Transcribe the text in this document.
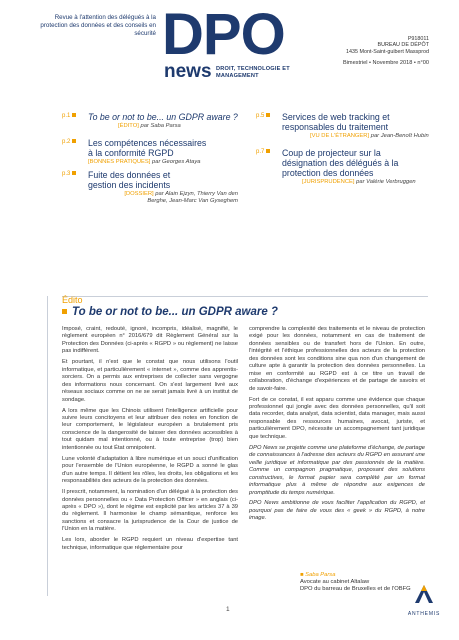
Revue à l'attention des délégués à la protection des données et des conseils en sécurité DPO
news DROIT, TECHNOLOGIE ET MANAGEMENT
P918011
BUREAU DE DÉPÔT
1435 Mont-Saint-guibert Massprod
Bimestriel • Novembre 2018 • n°00
p.1	To be or not to be... un GDPR aware ?
[ÉDITO] par Saba Parsa
p.2	Les compétences nécessaires à la conformité RGPD
[BONNES PRATIQUES] par Georges Ataya
p.3	Fuite des données et gestion des incidents
[DOSSIER] par Alain Ejzyn, Thierry Van den Berghe, Jean-Marc Van Gyseghem
p.5	Services de web tracking et responsables du traitement
[VU DE L'ÉTRANGER] par Jean-Benoît Hubin
p.7	Coup de projecteur sur la désignation des délégués à la protection des données
[JURISPRUDENCE] par Valérie Verbruggen
Édito
To be or not to be... un GDPR aware ?

Imposé, craint, redouté, ignoré, incompris, idéalisé, magnifié, le règlement européen n° 2016/679 dit Règlement Général sur la Protection des Données (ci-après « RGPD » ou règlement) ne laisse pas indifférent.

Et pourtant, il n'est que le constat que nous utilisons l'outil informatique, et particulièrement « internet », comme des apprentis-sorciers. On a permis aux entreprises de collecter sans vergogne des informations nous concernant. On s'est largement livré aux réseaux sociaux comme on ne se serait jamais livré à un institut de sondage.

A lors même que les Chinois utilisent l'intelligence artificielle pour suivre leurs concitoyens et leur attribuer des notes en fonction de leur comportement, le législateur européen a brutalement pris conscience de la dangerosité de laisser des données accessibles à tout quidam mal intentionné, ou à toute entreprise (trop) bien intentionnée ou tout État omnipotent.

Lune volonté d'adaptation à libre numérique et un souci d'unification pour l'ensemble de l'Union européenne, le RGPD a sonné le glas d'un autre temps. Il détient les rôles, les droits, les obligations et les responsabilités des acteurs de la protection des données.

Il prescrit, notamment, la nomination d'un délégué à la protection des données personnelles ou « Data Protection Officer » en anglais (ci-après « DPO »), dont le régime est explicité par les articles 37 à 39 du règlement. Il harmonise le champ sémantique, renforce les sanctions et consacre la jurisprudence de la Cour de justice de l'Union en la matière.

Les lors, aborder le RGPD requiert un niveau d'expertise tant technique, informatique que réglementaire pour

comprendre la complexité des traitements et le niveau de protection exigé pour les données, notamment en cas de traitement de données sensibles ou de transfert hors de l'Union. En outre, l'intégrité et l'éthique professionnelles des acteurs de la protection des données sont les conditions sine qua non d'un changement de culture apte à garantir la protection des données personnelles. La mise en conformité au RGPD est à ce titre un travail de collaboration, d'échange d'expériences et de partage de savoirs et de savoir-faire.

Fort de ce constat, il est apparu comme une évidence que chaque professionnel qui jongle avec des données personnelles, qu'il soit data recorder, data analyst, data scientist, data manager, mais aussi responsable des ressources humaines, avocat, juriste, et particulièrement DPO, nécessite un accompagnement tant juridique que technique.

DPO News se projette comme une plateforme d'échange, de partage de connaissances à l'adresse des acteurs du RGPD en assurant une veille juridique et informatique par des passionnés de la matière. Comme un compagnon pragmatique, proposant des solutions constructives, le format papier sera complété par un format informatique plus à même de répondre aux exigences de promptitude du temps numérique.

DPO News ambitionne de vous faciliter l'application du RGPD, et pourquoi pas de faire de vous des « geek » du RGPD, à notre image.

■ Saba Parsa
Avocate au cabinet Altalaw
DPO du barreau de Bruxelles et de l'OBFG
1
ANTHEMIS
